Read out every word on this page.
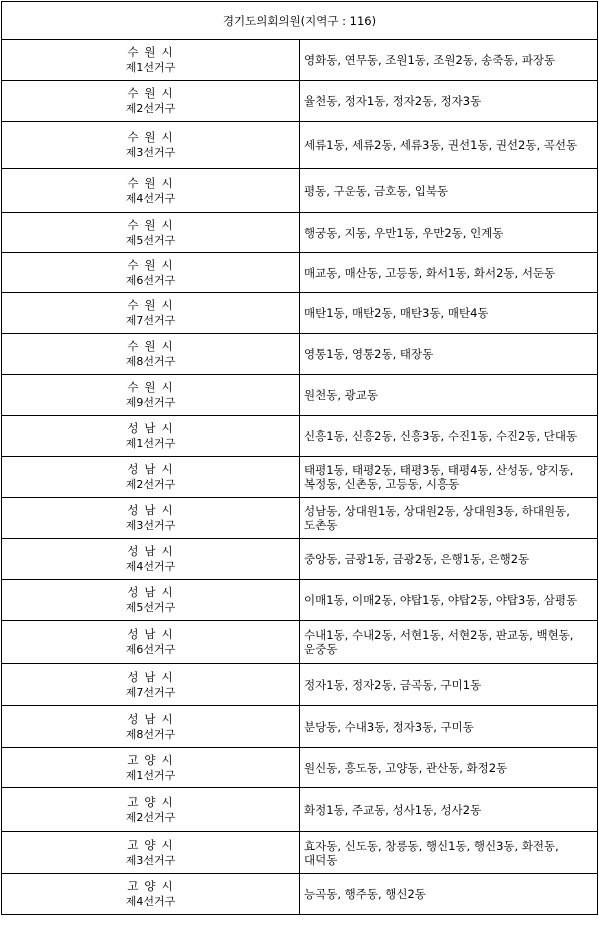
경기도의회의원(지역구 : 116)	

수원시
제1선거구	영화동, 연무동, 조원1동, 조원2동, 송죽동, 파장동

수원시
제2선거구	율천동, 정자1동, 정자2동, 정자3동

수원시
제3선거구	세류1동, 세류2동, 세류3동, 권선1동, 권선2동, 곡선동

수원시
제4선거구	평동, 구운동, 금호동, 입북동

수원시
제5선거구	행궁동, 지동, 우만1동, 우만2동, 인계동

수원시
제6선거구	매교동, 매산동, 고등동, 화서1동, 화서2동, 서둔동

수원시
제7선거구	매탄1동, 매탄2동, 매탄3동, 매탄4동

수원시
제8선거구	영통1동, 영통2동, 태장동

수원시
제9선거구	원천동, 광교동

성남시
제1선거구	신흥1동, 신흥2동, 신흥3동, 수진1동, 수진2동, 단대동

성남시
제2선거구	태평1동, 태평2동, 태평3동, 태평4동, 산성동, 양지동, 복정동, 신촌동, 고등동, 시흥동

성남시
제3선거구	성남동, 상대원1동, 상대원2동, 상대원3동, 하대원동, 도촌동

성남시
제4선거구	중앙동, 금광1동, 금광2동, 은행1동, 은행2동

성남시
제5선거구	이매1동, 이매2동, 야탑1동, 야탑2동, 야탑3동, 삼평동

성남시
제6선거구	수내1동, 수내2동, 서현1동, 서현2동, 판교동, 백현동, 운중동

성남시
제7선거구	정자1동, 정자2동, 금곡동, 구미1동

성남시
제8선거구	분당동, 수내3동, 정자3동, 구미동

고양시
제1선거구	원신동, 흥도동, 고양동, 관산동, 화정2동

고양시
제2선거구	화정1동, 주교동, 성사1동, 성사2동

고양시
제3선거구	효자동, 신도동, 창릉동, 행신1동, 행신3동, 화전동, 대덕동

고양시
제4선거구	능곡동, 행주동, 행신2동
